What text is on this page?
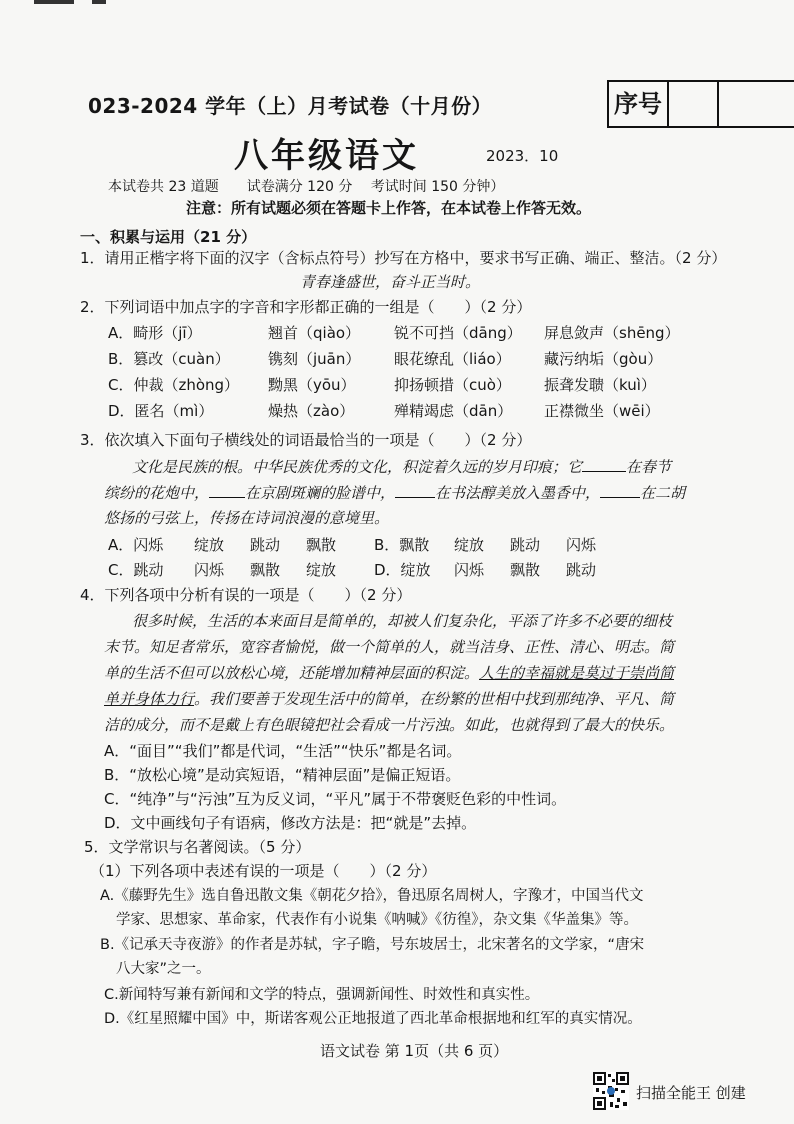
023-2024 学年（上）月考试卷（十月份）	序号
八年级语文	2023．10
本试卷共 23 道题　　试卷满分 120 分　 考试时间 150 分钟）
注意：所有试题必须在答题卡上作答，在本试卷上作答无效。
一、积累与运用（21 分）
1．请用正楷字将下面的汉字（含标点符号）抄写在方格中，要求书写正确、端正、整洁。（2 分）
青春逢盛世，奋斗正当时。
2．下列词语中加点字的字音和字形都正确的一组是（　　）（2 分）
A．畸形（jī）	翘首（qiào） 锐不可挡（dāng） 屏息敛声（shēng）
B．篡改（cuàn）	镌刻（juān） 眼花缭乱（liáo） 藏污纳垢（gòu）
C．仲裁（zhòng） 黝黑（yōu）	抑扬顿措（cuò） 振聋发聩（kuì）
D．匿名（mì）	燥热（zào）	殚精竭虑（dān） 正襟微坐（wēi）
3．依次填入下面句子横线处的词语最恰当的一项是（　　）（2 分）
文化是民族的根。中华民族优秀的文化，积淀着久远的岁月印痕；它	在春节
缤纷的花炮中， 在京剧斑斓的脸谱中，	在书法醇美放入墨香中，	在二胡
悠扬的弓弦上，传扬在诗词浪漫的意境里。
A．闪烁 绽放 跳动 飘散	B．飘散 绽放 跳动 闪烁
C．跳动 闪烁 飘散 绽放	D．绽放 闪烁 飘散 跳动
4．下列各项中分析有误的一项是（　　）（2 分）
很多时候，生活的本来面目是简单的，却被人们复杂化，平添了许多不必要的细枝
末节。知足者常乐，宽容者愉悦，做一个简单的人，就当洁身、正性、清心、明志。简
单的生活不但可以放松心境，还能增加精神层面的积淀。人生的幸福就是莫过于崇尚简
单并身体力行。我们要善于发现生活中的简单，在纷繁的世相中找到那纯净、平凡、简
洁的成分，而不是戴上有色眼镜把社会看成一片污浊。如此，也就得到了最大的快乐。
A．“面目”“我们”都是代词，“生活”“快乐”都是名词。
B．“放松心境”是动宾短语，“精神层面”是偏正短语。
C．“纯净”与“污浊”互为反义词，“平凡”属于不带褒贬色彩的中性词。
D．文中画线句子有语病，修改方法是：把“就是”去掉。
5．文学常识与名著阅读。（5 分）
（1）下列各项中表述有误的一项是（　　）（2 分）
A.《藤野先生》选自鲁迅散文集《朝花夕拾》，鲁迅原名周树人，字豫才，中国当代文
学家、思想家、革命家，代表作有小说集《呐喊》《彷徨》，杂文集《华盖集》等。
B.《记承天寺夜游》的作者是苏轼，字子瞻，号东坡居士，北宋著名的文学家，“唐宋
八大家”之一。
C.新闻特写兼有新闻和文学的特点，强调新闻性、时效性和真实性。
D.《红星照耀中国》中，斯诺客观公正地报道了西北革命根据地和红军的真实情况。
语文试卷 第 1页（共 6 页）
扫描全能王 创建
